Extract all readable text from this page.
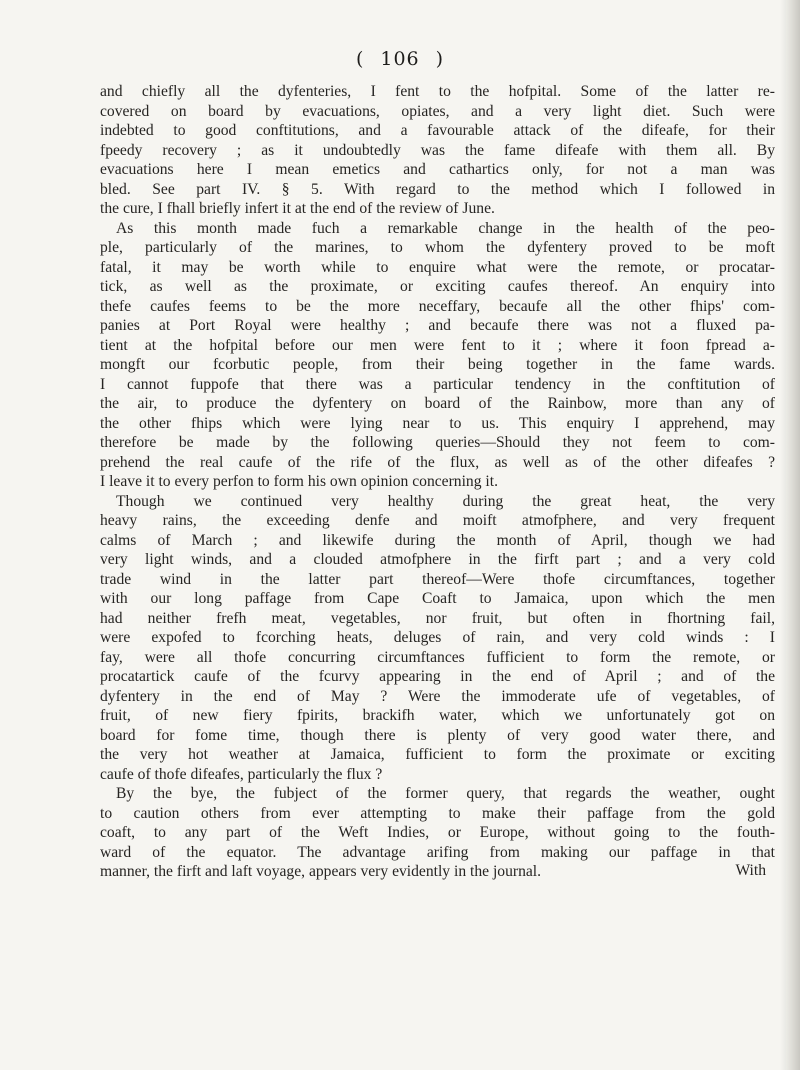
( 106 )
and chiefly all the dyfenteries, I fent to the hofpital. Some of the latter re-
covered on board by evacuations, opiates, and a very light diet. Such were
indebted to good conftitutions, and a favourable attack of the difeafe, for their
fpeedy recovery ; as it undoubtedly was the fame difeafe with them all. By
evacuations here I mean emetics and cathartics only, for not a man was
bled. See part IV. § 5. With regard to the method which I followed in
the cure, I fhall briefly infert it at the end of the review of June.
As this month made fuch a remarkable change in the health of the peo-
ple, particularly of the marines, to whom the dyfentery proved to be moft
fatal, it may be worth while to enquire what were the remote, or procatar-
tick, as well as the proximate, or exciting caufes thereof. An enquiry into
thefe caufes feems to be the more neceffary, becaufe all the other fhips' com-
panies at Port Royal were healthy ; and becaufe there was not a fluxed pa-
tient at the hofpital before our men were fent to it ; where it foon fpread a-
mongft our fcorbutic people, from their being together in the fame wards.
I cannot fuppofe that there was a particular tendency in the conftitution of
the air, to produce the dyfentery on board of the Rainbow, more than any of
the other fhips which were lying near to us. This enquiry I apprehend, may
therefore be made by the following queries—Should they not feem to com-
prehend the real caufe of the rife of the flux, as well as of the other difeafes ?
I leave it to every perfon to form his own opinion concerning it.
Though we continued very healthy during the great heat, the very
heavy rains, the exceeding denfe and moift atmofphere, and very frequent
calms of March ; and likewife during the month of April, though we had
very light winds, and a clouded atmofphere in the firft part ; and a very cold
trade wind in the latter part thereof—Were thofe circumftances, together
with our long paffage from Cape Coaft to Jamaica, upon which the men
had neither frefh meat, vegetables, nor fruit, but often in fhortning fail,
were expofed to fcorching heats, deluges of rain, and very cold winds : I
fay, were all thofe concurring circumftances fufficient to form the remote, or
procatartick caufe of the fcurvy appearing in the end of April ; and of the
dyfentery in the end of May ? Were the immoderate ufe of vegetables, of
fruit, of new fiery fpirits, brackifh water, which we unfortunately got on
board for fome time, though there is plenty of very good water there, and
the very hot weather at Jamaica, fufficient to form the proximate or exciting
caufe of thofe difeafes, particularly the flux ?
By the bye, the fubject of the former query, that regards the weather, ought
to caution others from ever attempting to make their paffage from the gold
coaft, to any part of the Weft Indies, or Europe, without going to the fouth-
ward of the equator. The advantage arifing from making our paffage in that
manner, the firft and laft voyage, appears very evidently in the journal.	With
